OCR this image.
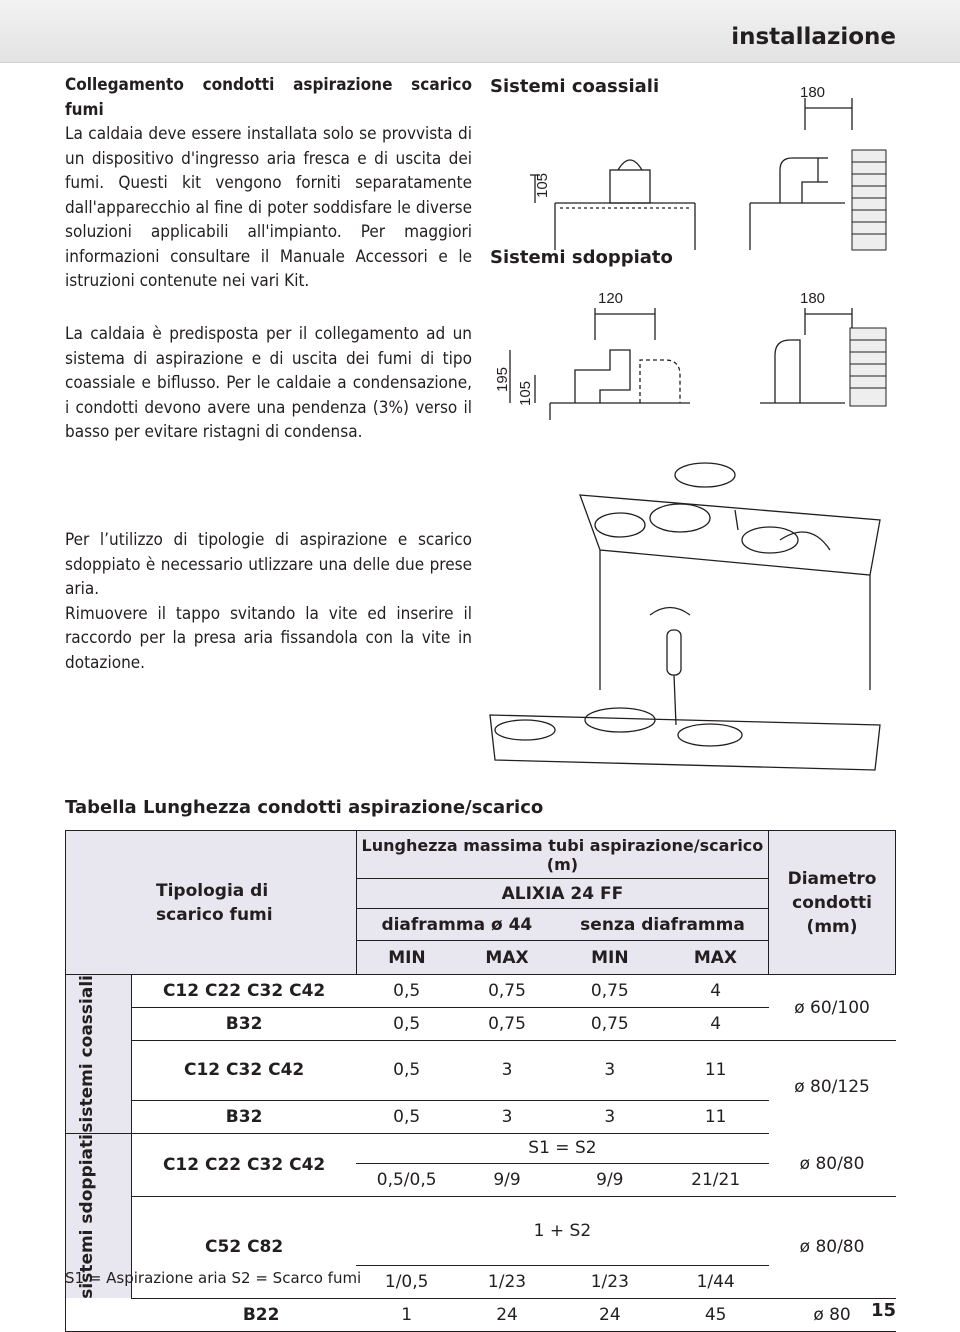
installazione

Collegamento condotti aspirazione scarico fumi
La caldaia deve essere installata solo se provvista di un dispositivo d'ingresso aria fresca e di uscita dei fumi. Questi kit vengono forniti separatamente dall'apparecchio al fine di poter soddisfare le diverse soluzioni applicabili all'impianto. Per maggiori informazioni consultare il Manuale Accessori e le istruzioni contenute nei vari Kit.

La caldaia è predisposta per il collegamento ad un sistema di aspirazione e di uscita dei fumi di tipo coassiale e biflusso. Per le caldaie a condensazione, i condotti devono avere una pendenza (3%) verso il basso per evitare ristagni di condensa.

Per l’utilizzo di tipologie di aspirazione e scarico sdoppiato è necessario utlizzare una delle due prese aria.

Rimuovere il tappo svitando la vite ed inserire il raccordo per la presa aria fissandola con la vite in dotazione.

Sistemi coassiali
Sistemi sdoppiato
180
180
120
105
195
105
Tabella Lunghezza condotti aspirazione/scarico
Tipologia di scarico fumi		Lunghezza massima tubi aspirazione/scarico (m)				Diametro condotti (mm)
		ALIXIA 24 FF				
		diaframma ø 44		senza diaframma		
		MIN	MAX	MIN	MAX	

sistemi coassiali	C12 C22 C32 C42	0,5	0,75	0,75	4	ø 60/100
	B32	0,5	0,75	0,75	4	
	C12 C32 C42	0,5	3	3	11	ø 80/125
	B32	0,5	3	3	11	

sistemi sdoppiati	C12 C22 C32 C42	S1 = S2				ø 80/80
		0,5/0,5	9/9	9/9	21/21	
	C52 C82	1 + S2				ø 80/80
		1/0,5	1/23	1/23	1/44	
B22		1	24	24	45	ø 80
S1 = Aspirazione aria S2 = Scarco fumi
15
